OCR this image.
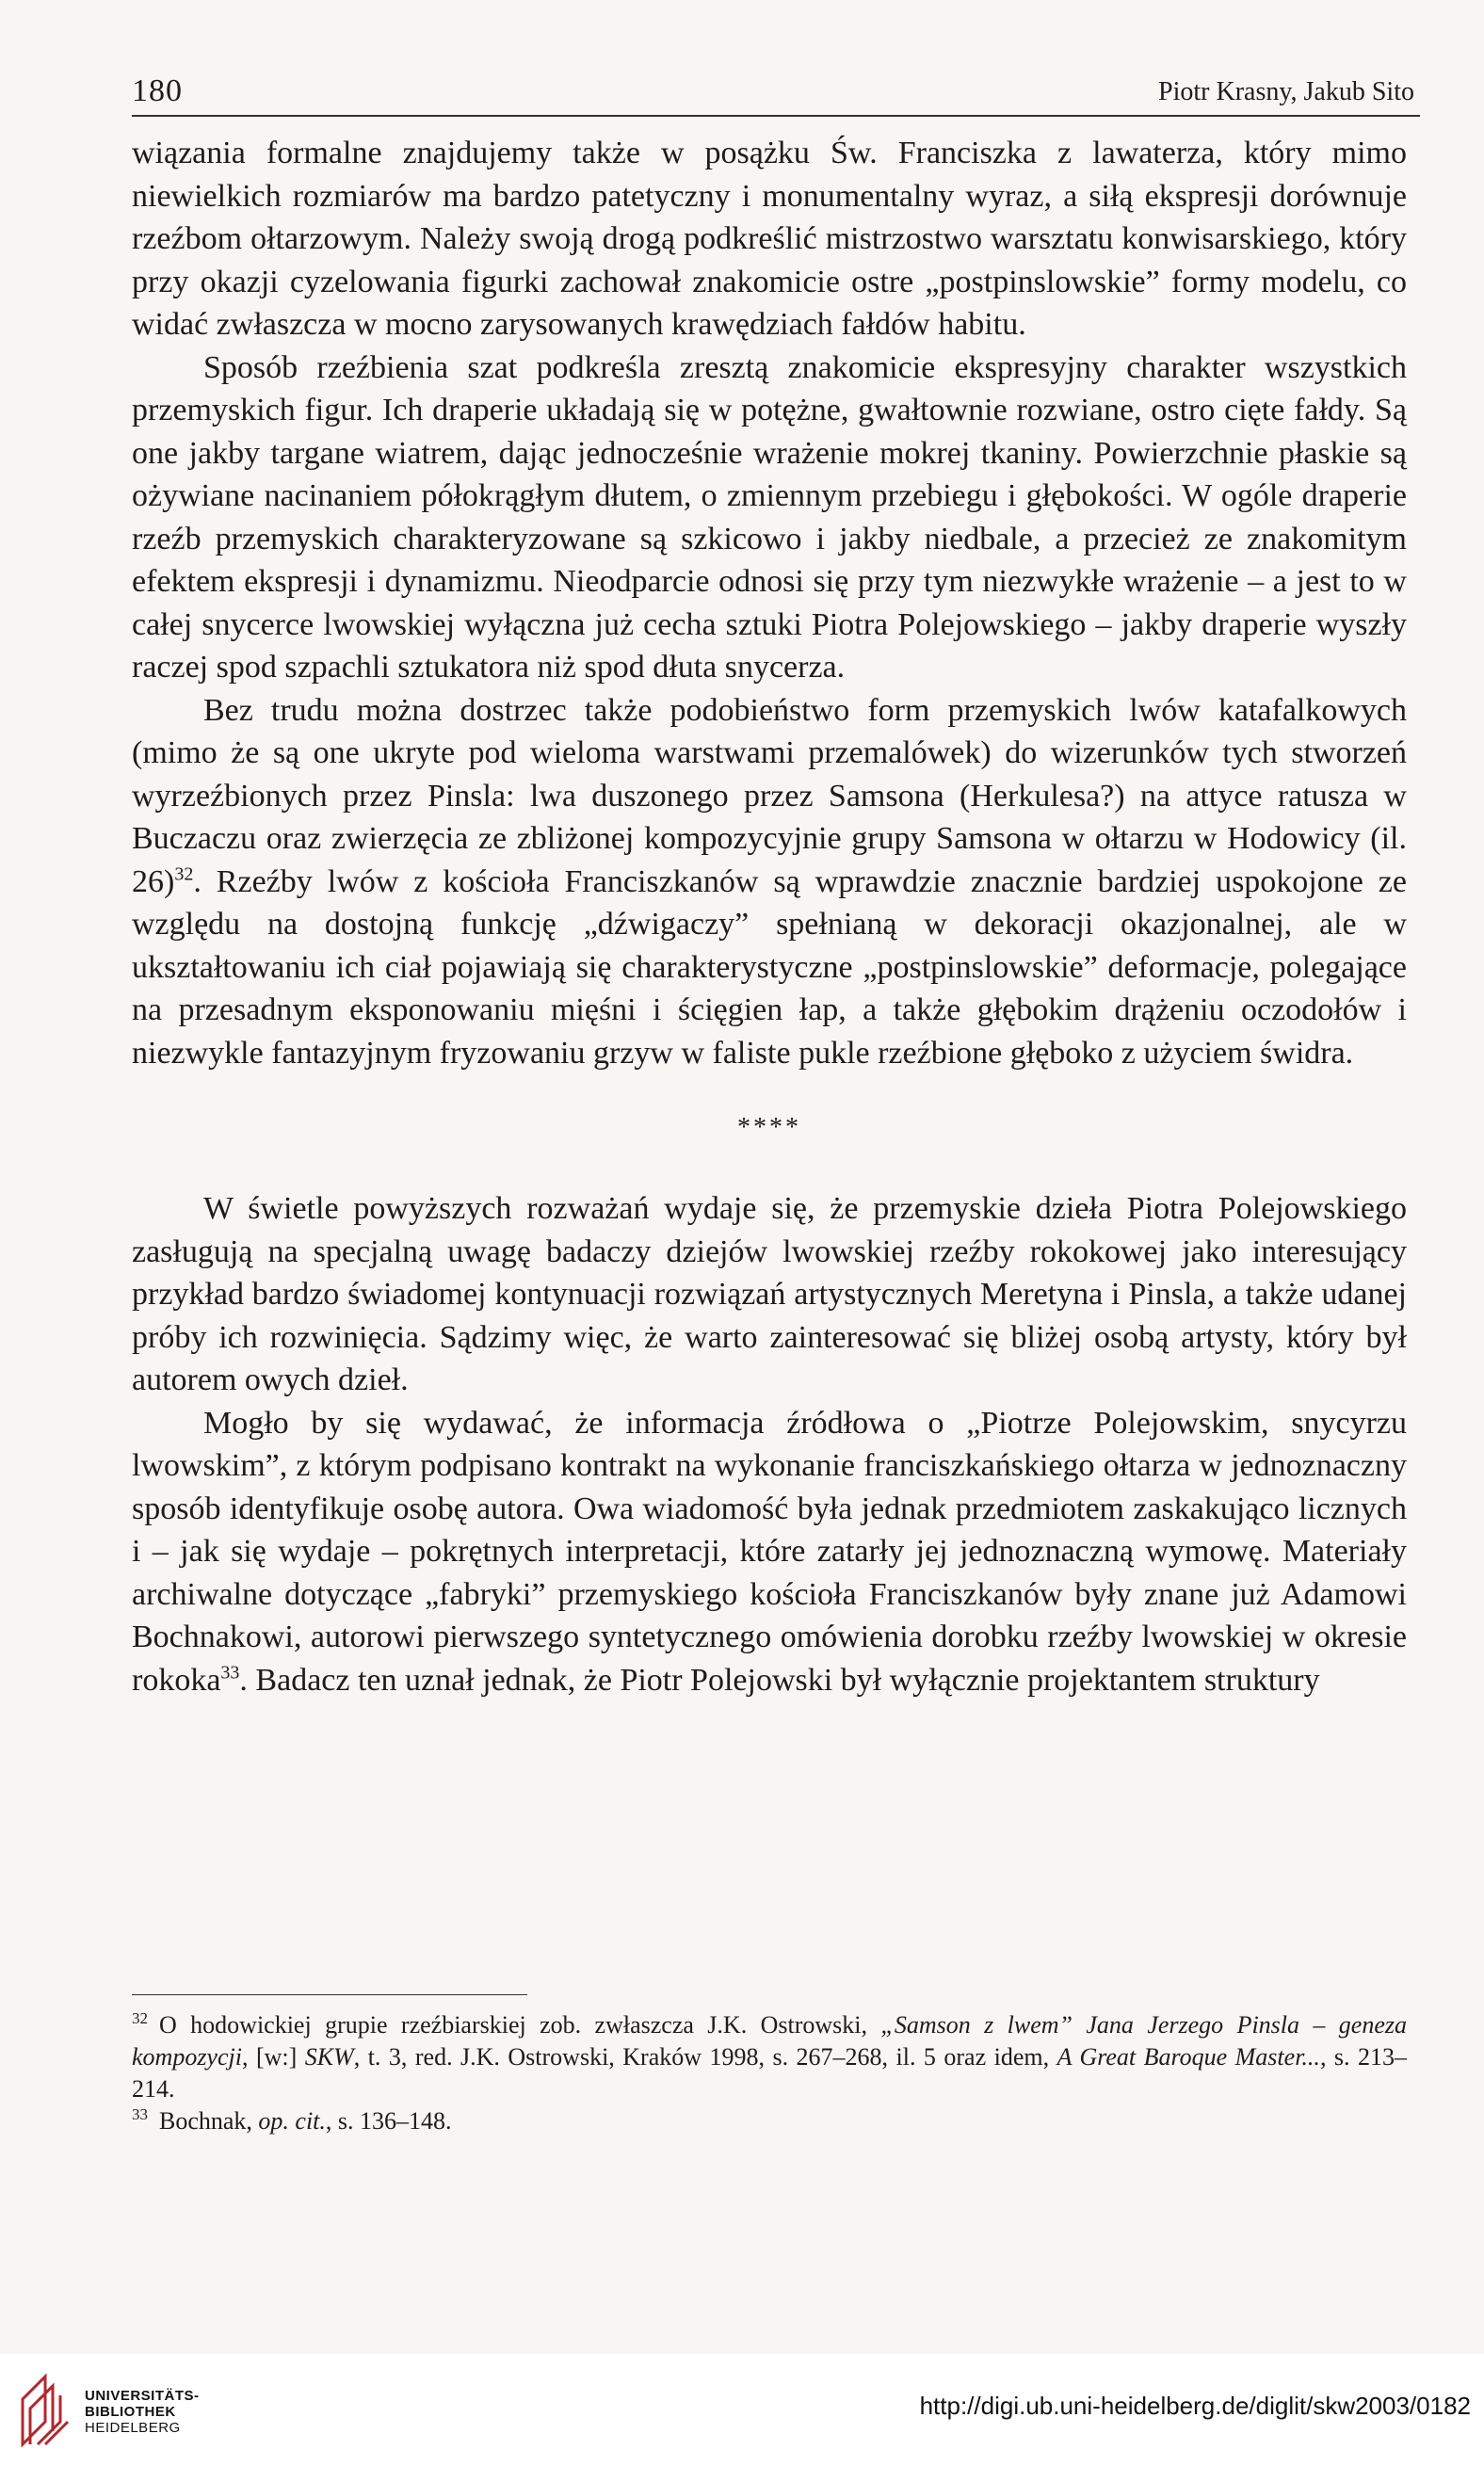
180	Piotr Krasny, Jakub Sito

wiązania formalne znajdujemy także w posążku Św. Franciszka z lawaterza, który mimo niewielkich rozmiarów ma bardzo patetyczny i monumentalny wyraz, a siłą ekspresji dorównuje rzeźbom ołtarzowym. Należy swoją drogą podkreślić mistrzostwo warsztatu konwisarskiego, który przy okazji cyzelowania figurki zachował znakomicie ostre „postpinslowskie” formy modelu, co widać zwłaszcza w mocno zarysowanych krawędziach fałdów habitu.

Sposób rzeźbienia szat podkreśla zresztą znakomicie ekspresyjny charakter wszystkich przemyskich figur. Ich draperie układają się w potężne, gwałtownie rozwiane, ostro cięte fałdy. Są one jakby targane wiatrem, dając jednocześnie wrażenie mokrej tkaniny. Powierzchnie płaskie są ożywiane nacinaniem półokrągłym dłutem, o zmiennym przebiegu i głębokości. W ogóle draperie rzeźb przemyskich charakteryzowane są szkicowo i jakby niedbale, a przecież ze znakomitym efektem ekspresji i dynamizmu. Nieodparcie odnosi się przy tym niezwykłe wrażenie – a jest to w całej snycerce lwowskiej wyłączna już cecha sztuki Piotra Polejowskiego – jakby draperie wyszły raczej spod szpachli sztukatora niż spod dłuta snycerza.

Bez trudu można dostrzec także podobieństwo form przemyskich lwów katafalkowych (mimo że są one ukryte pod wieloma warstwami przemalówek) do wizerunków tych stworzeń wyrzeźbionych przez Pinsla: lwa duszonego przez Samsona (Herkulesa?) na attyce ratusza w Buczaczu oraz zwierzęcia ze zbliżonej kompozycyjnie grupy Samsona w ołtarzu w Hodowicy (il. 26)$^{32}$. Rzeźby lwów z kościoła Franciszkanów są wprawdzie znacznie bardziej uspokojone ze względu na dostojną funkcję „dźwigaczy” spełnianą w dekoracji okazjonalnej, ale w ukształtowaniu ich ciał pojawiają się charakterystyczne „postpinslowskie” deformacje, polegające na przesadnym eksponowaniu mięśni i ścięgien łap, a także głębokim drążeniu oczodołów i niezwykle fantazyjnym fryzowaniu grzyw w faliste pukle rzeźbione głęboko z użyciem świdra.

****

W świetle powyższych rozważań wydaje się, że przemyskie dzieła Piotra Polejowskiego zasługują na specjalną uwagę badaczy dziejów lwowskiej rzeźby rokokowej jako interesujący przykład bardzo świadomej kontynuacji rozwiązań artystycznych Meretyna i Pinsla, a także udanej próby ich rozwinięcia. Sądzimy więc, że warto zainteresować się bliżej osobą artysty, który był autorem owych dzieł.

Mogło by się wydawać, że informacja źródłowa o „Piotrze Polejowskim, snycyrzu lwowskim”, z którym podpisano kontrakt na wykonanie franciszkańskiego ołtarza w jednoznaczny sposób identyfikuje osobę autora. Owa wiadomość była jednak przedmiotem zaskakująco licznych i – jak się wydaje – pokrętnych interpretacji, które zatarły jej jednoznaczną wymowę. Materiały archiwalne dotyczące „fabryki” przemyskiego kościoła Franciszkanów były znane już Adamowi Bochnakowi, autorowi pierwszego syntetycznego omówienia dorobku rzeźby lwowskiej w okresie rokoka$^{33}$. Badacz ten uznał jednak, że Piotr Polejowski był wyłącznie projektantem struktury

$^{32}$ O hodowickiej grupie rzeźbiarskiej zob. zwłaszcza J.K. Ostrowski, „Samson z lwem” Jana Jerzego Pinsla – geneza kompozycji, [w:] SKW, t. 3, red. J.K. Ostrowski, Kraków 1998, s. 267–268, il. 5 oraz idem, A Great Baroque Master..., s. 213–214.

$^{33}$ Bochnak, op. cit., s. 136–148.

UNIVERSITÄTS-
BIBLIOTHEK
HEIDELBERG
http://digi.ub.uni-heidelberg.de/diglit/skw2003/0182
